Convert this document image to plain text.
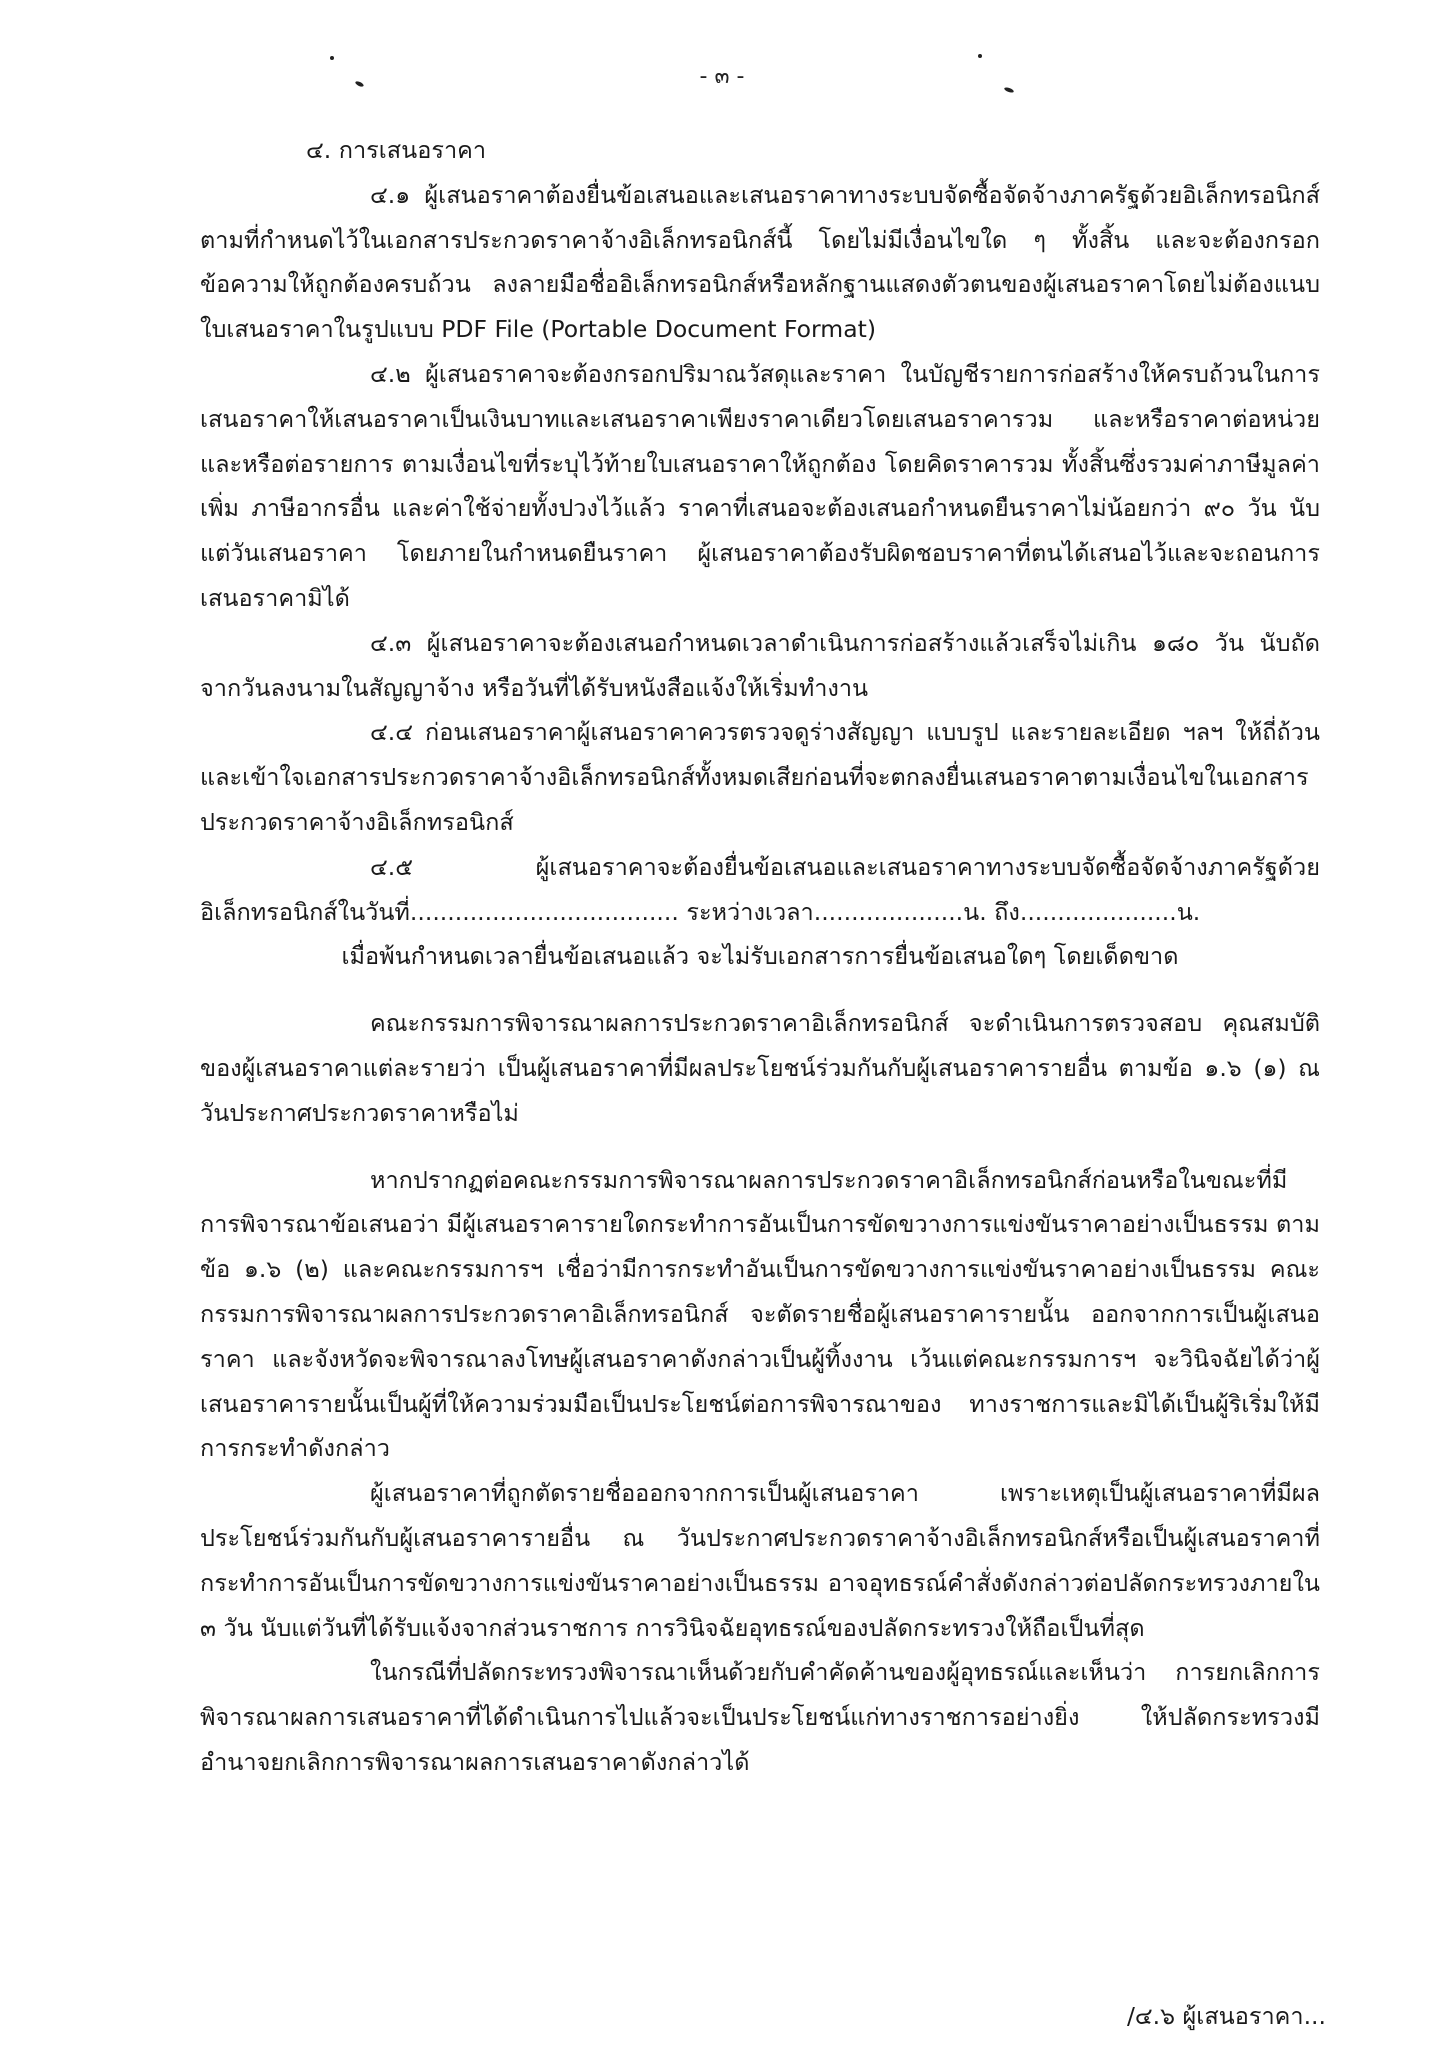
- ๓ -

๔. การเสนอราคา

๔.๑ ผู้เสนอราคาต้องยื่นข้อเสนอและเสนอราคาทางระบบจัดซื้อจัดจ้างภาครัฐด้วยอิเล็กทรอนิกส์ตามที่กำหนดไว้ในเอกสารประกวดราคาจ้างอิเล็กทรอนิกส์นี้ โดยไม่มีเงื่อนไขใด ๆ ทั้งสิ้น และจะต้องกรอกข้อความให้ถูกต้องครบถ้วน ลงลายมือชื่ออิเล็กทรอนิกส์หรือหลักฐานแสดงตัวตนของผู้เสนอราคาโดยไม่ต้องแนบใบเสนอราคาในรูปแบบ PDF File (Portable Document Format)

๔.๒ ผู้เสนอราคาจะต้องกรอกปริมาณวัสดุและราคา ในบัญชีรายการก่อสร้างให้ครบถ้วนในการเสนอราคาให้เสนอราคาเป็นเงินบาทและเสนอราคาเพียงราคาเดียวโดยเสนอราคารวม และหรือราคาต่อหน่วย และหรือต่อรายการ ตามเงื่อนไขที่ระบุไว้ท้ายใบเสนอราคาให้ถูกต้อง โดยคิดราคารวม ทั้งสิ้นซึ่งรวมค่าภาษีมูลค่าเพิ่ม ภาษีอากรอื่น และค่าใช้จ่ายทั้งปวงไว้แล้ว ราคาที่เสนอจะต้องเสนอกำหนดยืนราคาไม่น้อยกว่า ๙๐ วัน นับแต่วันเสนอราคา โดยภายในกำหนดยืนราคา ผู้เสนอราคาต้องรับผิดชอบราคาที่ตนได้เสนอไว้และจะถอนการเสนอราคามิได้

๔.๓ ผู้เสนอราคาจะต้องเสนอกำหนดเวลาดำเนินการก่อสร้างแล้วเสร็จไม่เกิน ๑๘๐ วัน นับถัดจากวันลงนามในสัญญาจ้าง หรือวันที่ได้รับหนังสือแจ้งให้เริ่มทำงาน

๔.๔ ก่อนเสนอราคาผู้เสนอราคาควรตรวจดูร่างสัญญา แบบรูป และรายละเอียด ฯลฯ ให้ถี่ถ้วนและเข้าใจเอกสารประกวดราคาจ้างอิเล็กทรอนิกส์ทั้งหมดเสียก่อนที่จะตกลงยื่นเสนอราคาตามเงื่อนไขในเอกสารประกวดราคาจ้างอิเล็กทรอนิกส์

๔.๕ ผู้เสนอราคาจะต้องยื่นข้อเสนอและเสนอราคาทางระบบจัดซื้อจัดจ้างภาครัฐด้วยอิเล็กทรอนิกส์ในวันที่.................................... ระหว่างเวลา....................น. ถึง.....................น.

เมื่อพ้นกำหนดเวลายื่นข้อเสนอแล้ว จะไม่รับเอกสารการยื่นข้อเสนอใดๆ โดยเด็ดขาด

คณะกรรมการพิจารณาผลการประกวดราคาอิเล็กทรอนิกส์ จะดำเนินการตรวจสอบ คุณสมบัติของผู้เสนอราคาแต่ละรายว่า เป็นผู้เสนอราคาที่มีผลประโยชน์ร่วมกันกับผู้เสนอราคารายอื่น ตามข้อ ๑.๖ (๑) ณ วันประกาศประกวดราคาหรือไม่

หากปรากฏต่อคณะกรรมการพิจารณาผลการประกวดราคาอิเล็กทรอนิกส์ก่อนหรือในขณะที่มีการพิจารณาข้อเสนอว่า มีผู้เสนอราคารายใดกระทำการอันเป็นการขัดขวางการแข่งขันราคาอย่างเป็นธรรม ตามข้อ ๑.๖ (๒) และคณะกรรมการฯ เชื่อว่ามีการกระทำอันเป็นการขัดขวางการแข่งขันราคาอย่างเป็นธรรม คณะกรรมการพิจารณาผลการประกวดราคาอิเล็กทรอนิกส์ จะตัดรายชื่อผู้เสนอราคารายนั้น ออกจากการเป็นผู้เสนอราคา และจังหวัดจะพิจารณาลงโทษผู้เสนอราคาดังกล่าวเป็นผู้ทิ้งงาน เว้นแต่คณะกรรมการฯ จะวินิจฉัยได้ว่าผู้เสนอราคารายนั้นเป็นผู้ที่ให้ความร่วมมือเป็นประโยชน์ต่อการพิจารณาของ ทางราชการและมิได้เป็นผู้ริเริ่มให้มีการกระทำดังกล่าว

ผู้เสนอราคาที่ถูกตัดรายชื่อออกจากการเป็นผู้เสนอราคา เพราะเหตุเป็นผู้เสนอราคาที่มีผลประโยชน์ร่วมกันกับผู้เสนอราคารายอื่น ณ วันประกาศประกวดราคาจ้างอิเล็กทรอนิกส์หรือเป็นผู้เสนอราคาที่กระทำการอันเป็นการขัดขวางการแข่งขันราคาอย่างเป็นธรรม อาจอุทธรณ์คำสั่งดังกล่าวต่อปลัดกระทรวงภายใน ๓ วัน นับแต่วันที่ได้รับแจ้งจากส่วนราชการ การวินิจฉัยอุทธรณ์ของปลัดกระทรวงให้ถือเป็นที่สุด

ในกรณีที่ปลัดกระทรวงพิจารณาเห็นด้วยกับคำคัดค้านของผู้อุทธรณ์และเห็นว่า การยกเลิกการพิจารณาผลการเสนอราคาที่ได้ดำเนินการไปแล้วจะเป็นประโยชน์แก่ทางราชการอย่างยิ่ง ให้ปลัดกระทรวงมีอำนาจยกเลิกการพิจารณาผลการเสนอราคาดังกล่าวได้

/๔.๖ ผู้เสนอราคา...
